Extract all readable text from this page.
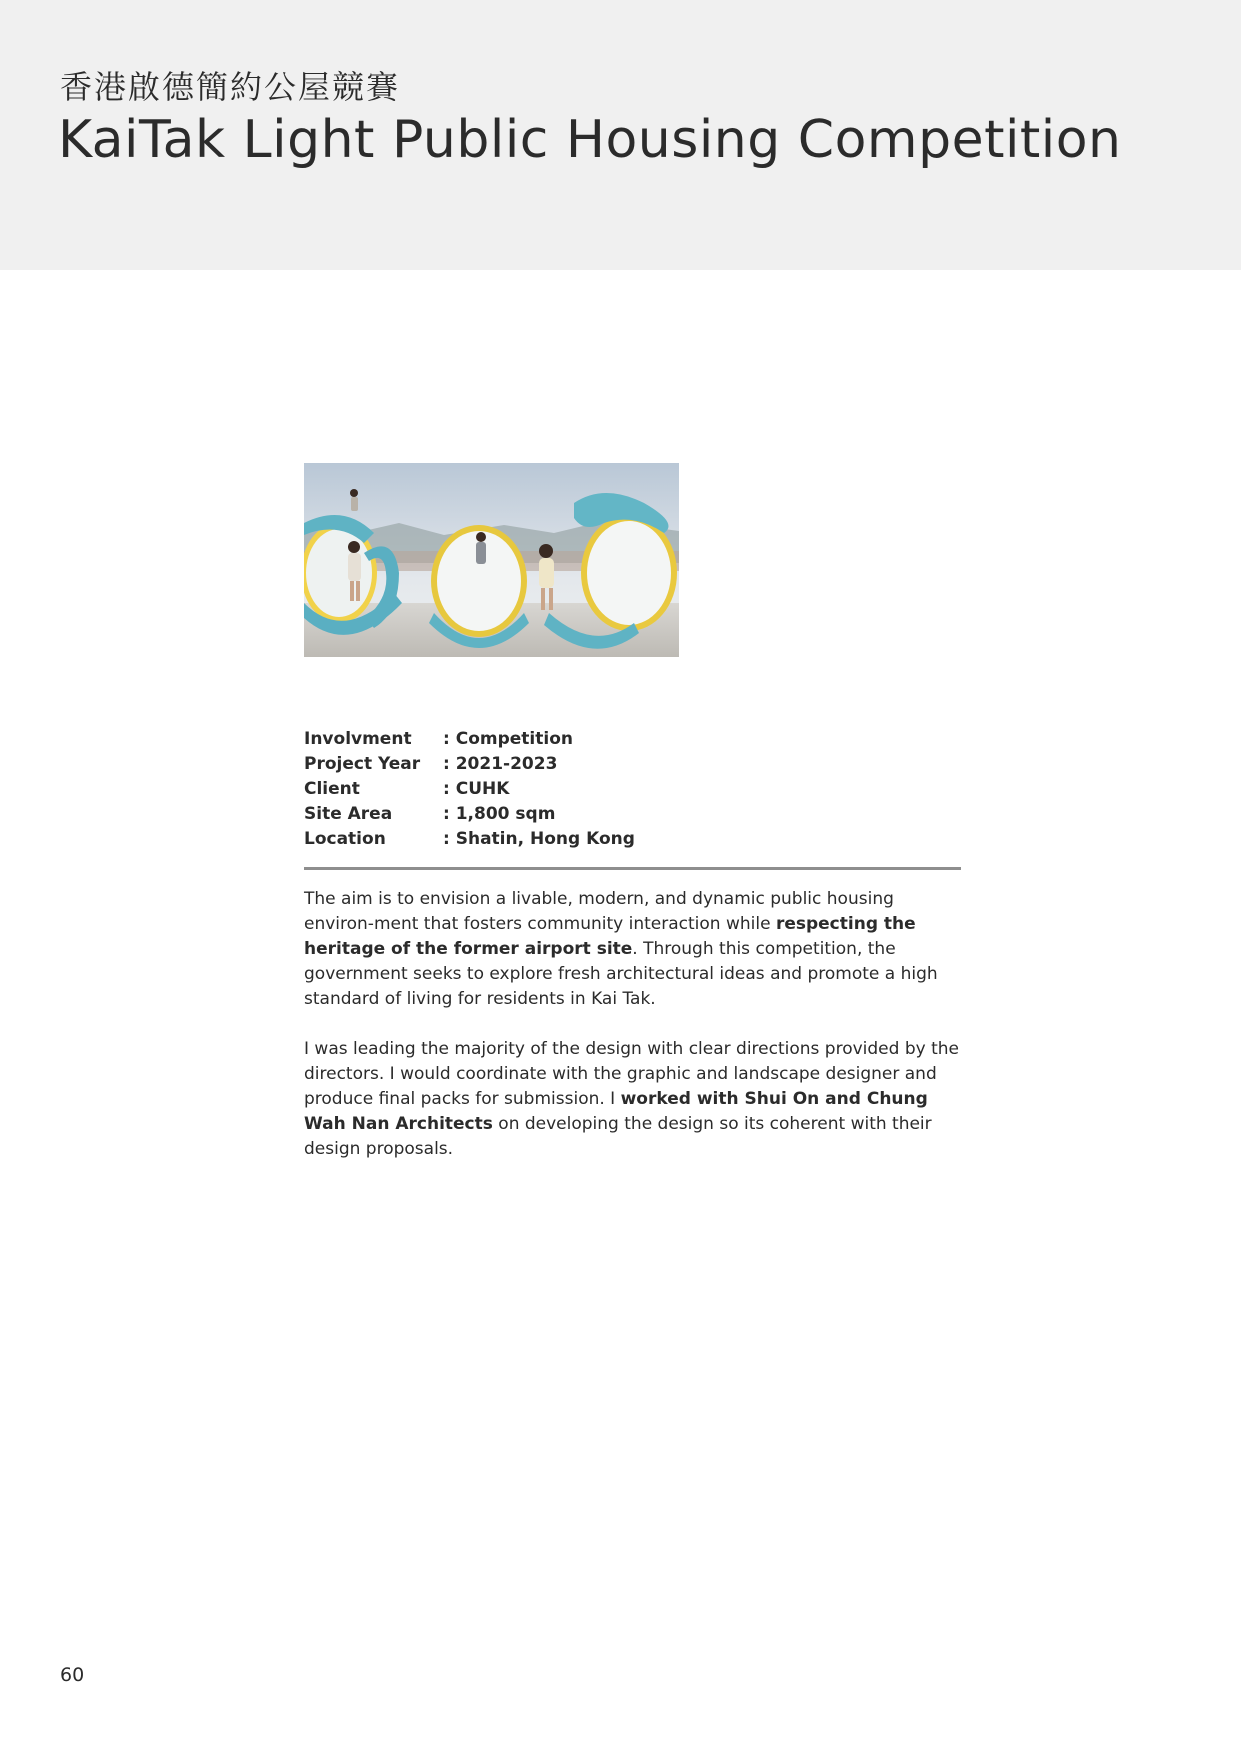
香港啟德簡約公屋競賽
KaiTak Light Public Housing Competition
Involvment	: Competition
Project Year	: 2021-2023
Client	: CUHK
Site Area	: 1,800 sqm
Location	: Shatin, Hong Kong

The aim is to envision a livable, modern, and dynamic public housing environ-ment that fosters community interaction while respecting the heritage of the former airport site. Through this competition, the government seeks to explore fresh architectural ideas and promote a high standard of living for residents in Kai Tak.

I was leading the majority of the design with clear directions provided by the directors. I would coordinate with the graphic and landscape designer and produce final packs for submission. I worked with Shui On and Chung Wah Nan Architects on developing the design so its coherent with their design proposals.

60
